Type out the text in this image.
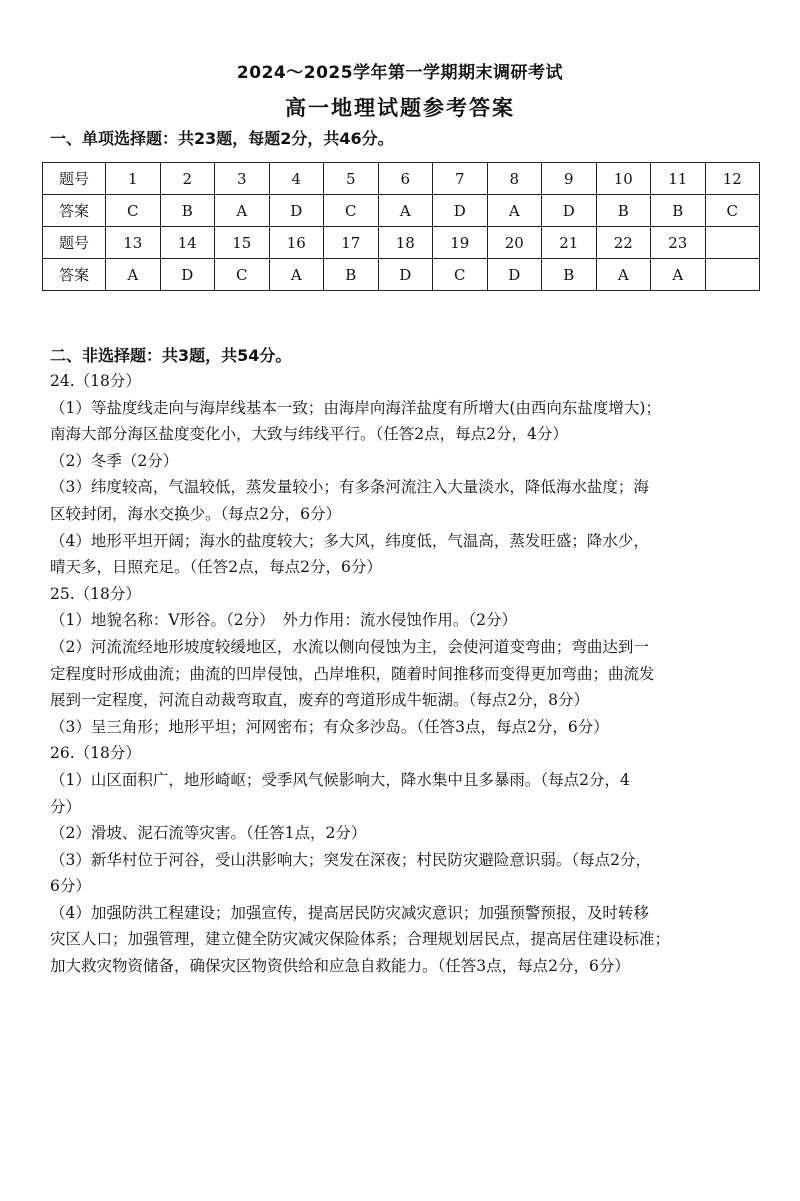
2024～2025学年第一学期期末调研考试
高一地理试题参考答案
一、单项选择题：共23题，每题2分，共46分。
题号	1	2	3	4	5	6	7	8	9	10	11	12
答案	C	B	A	D	C	A	D	A	D	B	B	C
题号	13	14	15	16	17	18	19	20	21	22	23	
答案	A	D	C	A	B	D	C	D	B	A	A	
二、非选择题：共3题，共54分。
24.（18分）
（1）等盐度线走向与海岸线基本一致；由海岸向海洋盐度有所增大(由西向东盐度增大)；
南海大部分海区盐度变化小，大致与纬线平行。（任答2点，每点2分，4分）
（2）冬季（2分）
（3）纬度较高，气温较低，蒸发量较小；有多条河流注入大量淡水，降低海水盐度；海
区较封闭，海水交换少。（每点2分，6分）
（4）地形平坦开阔；海水的盐度较大；多大风，纬度低，气温高，蒸发旺盛；降水少，
晴天多，日照充足。（任答2点，每点2分，6分）
25.（18分）
（1）地貌名称：V形谷。（2分）　外力作用：流水侵蚀作用。（2分）
（2）河流流经地形坡度较缓地区，水流以侧向侵蚀为主，会使河道变弯曲；弯曲达到一
定程度时形成曲流；曲流的凹岸侵蚀，凸岸堆积，随着时间推移而变得更加弯曲；曲流发
展到一定程度，河流自动裁弯取直，废弃的弯道形成牛轭湖。（每点2分，8分）
（3）呈三角形；地形平坦；河网密布；有众多沙岛。（任答3点，每点2分，6分）
26.（18分）
（1）山区面积广，地形崎岖；受季风气候影响大，降水集中且多暴雨。（每点2分，4
分）
（2）滑坡、泥石流等灾害。（任答1点，2分）
（3）新华村位于河谷，受山洪影响大；突发在深夜；村民防灾避险意识弱。（每点2分，
6分）
（4）加强防洪工程建设；加强宣传，提高居民防灾减灾意识；加强预警预报，及时转移
灾区人口；加强管理，建立健全防灾减灾保险体系；合理规划居民点，提高居住建设标准；
加大救灾物资储备，确保灾区物资供给和应急自救能力。（任答3点，每点2分，6分）
